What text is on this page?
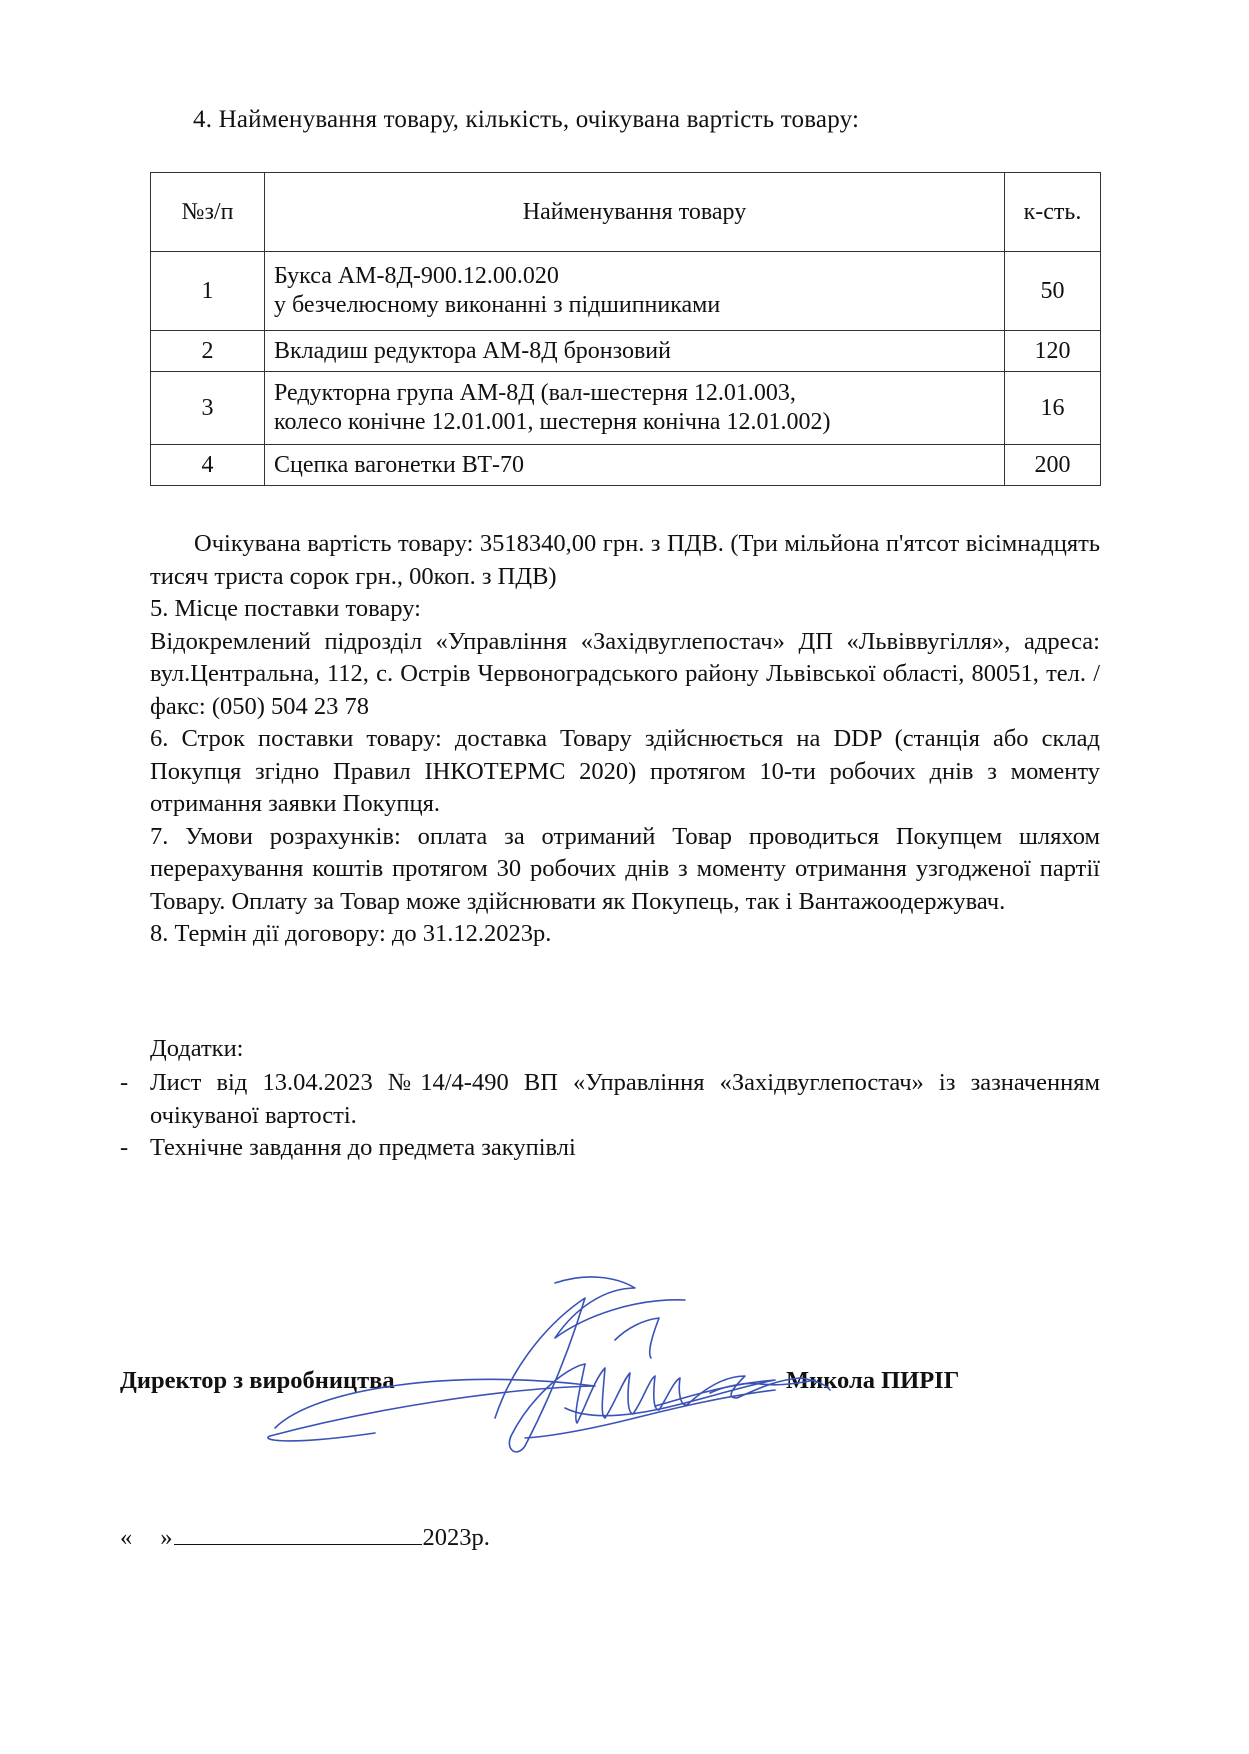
4. Найменування товару, кількість, очікувана вартість товару:
№з/п	Найменування товару	к-сть.
1	Букса АМ-8Д-900.12.00.020
у безчелюсному виконанні з підшипниками	50
2	Вкладиш редуктора АМ-8Д бронзовий	120
3	Редукторна група АМ-8Д (вал-шестерня 12.01.003,
колесо конічне 12.01.001, шестерня конічна 12.01.002)	16
4	Сцепка вагонетки ВТ-70	200

Очікувана вартість товару: 3518340,00 грн. з ПДВ. (Три мільйона п'ятсот вісімнадцять тисяч триста сорок грн., 00коп. з ПДВ)

5. Місце поставки товару:

Відокремлений підрозділ «Управління «Західвуглепостач» ДП «Львіввугілля», адреса: вул.Центральна, 112, с. Острів Червоноградського району Львівської області, 80051, тел. /факс: (050) 504 23 78

6. Строк поставки товару: доставка Товару здійснюється на DDP (станція або склад Покупця згідно Правил ІНКОТЕРМС 2020) протягом 10-ти робочих днів з моменту отримання заявки Покупця.

7. Умови розрахунків: оплата за отриманий Товар проводиться Покупцем шляхом перерахування коштів протягом 30 робочих днів з моменту отримання узгодженої партії Товару. Оплату за Товар може здійснювати як Покупець, так і Вантажоодержувач.

8. Термін дії договору: до 31.12.2023р.

Додатки:
- Лист від 13.04.2023 №14/4-490 ВП «Управління «Західвуглепостач» із зазначенням очікуваної вартості.
- Технічне завдання до предмета закупівлі
Директор з виробництва	Микола ПИРІГ
« »	2023р.
